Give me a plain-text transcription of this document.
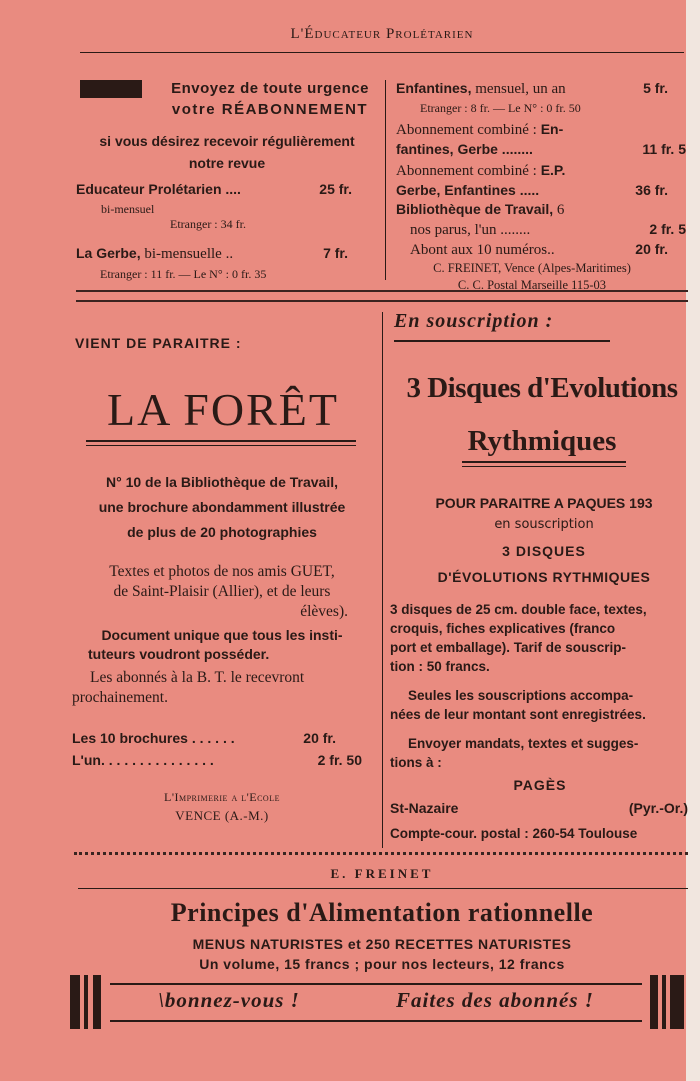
L'Éducateur Prolétarien
Envoyez de toute urgence
votre RÉABONNEMENT
si vous désirez recevoir régulièrement
notre revue
Educateur Prolétarien ....	25 fr.
bi-mensuel
Etranger : 34 fr.
La Gerbe, bi-mensuelle ..	7 fr.
Etranger : 11 fr. — Le N° : 0 fr. 35
Enfantines, mensuel, un an	5 fr.
Etranger : 8 fr. — Le N° : 0 fr. 50
Abonnement combiné : En-
fantines, Gerbe ........	11 fr. 5
Abonnement combiné : E.P.
Gerbe, Enfantines .....	36 fr.
Bibliothèque de Travail, 6
nos parus, l'un ........	2 fr. 5
Abont aux 10 numéros..	20 fr.
C. FREINET, Vence (Alpes-Maritimes)
C. C. Postal Marseille 115-03
VIENT DE PARAITRE :
LA FORÊT
N° 10 de la Bibliothèque de Travail,
une brochure abondamment illustrée
de plus de 20 photographies
Textes et photos de nos amis GUET,
de Saint-Plaisir (Allier), et de leurs
élèves).
Document unique que tous les insti-
tuteurs voudront posséder.
Les abonnés à la B. T. le recevront
prochainement.
Les 10 brochures . . . . . .	20 fr.
L'un. . . . . . . . . . . . . . .	2 fr. 50
L'Imprimerie a l'Ecole
VENCE (A.-M.)
En souscription :
3 Disques d'Evolutions
Rythmiques
POUR PARAITRE A PAQUES 193
en souscription
3 DISQUES
D'ÉVOLUTIONS RYTHMIQUES
3 disques de 25 cm. double face, textes,
croquis, fiches explicatives (franco
port et emballage). Tarif de souscrip-
tion : 50 francs.
Seules les souscriptions accompa-
nées de leur montant sont enregistrées.
Envoyer mandats, textes et sugges-
tions à :
PAGÈS
St-Nazaire	(Pyr.-Or.)
Compte-cour. postal : 260-54 Toulouse
E. FREINET
Principes d'Alimentation rationnelle
MENUS NATURISTES et 250 RECETTES NATURISTES
Un volume, 15 francs ; pour nos lecteurs, 12 francs
\bonnez-vous !	Faites des abonnés !
